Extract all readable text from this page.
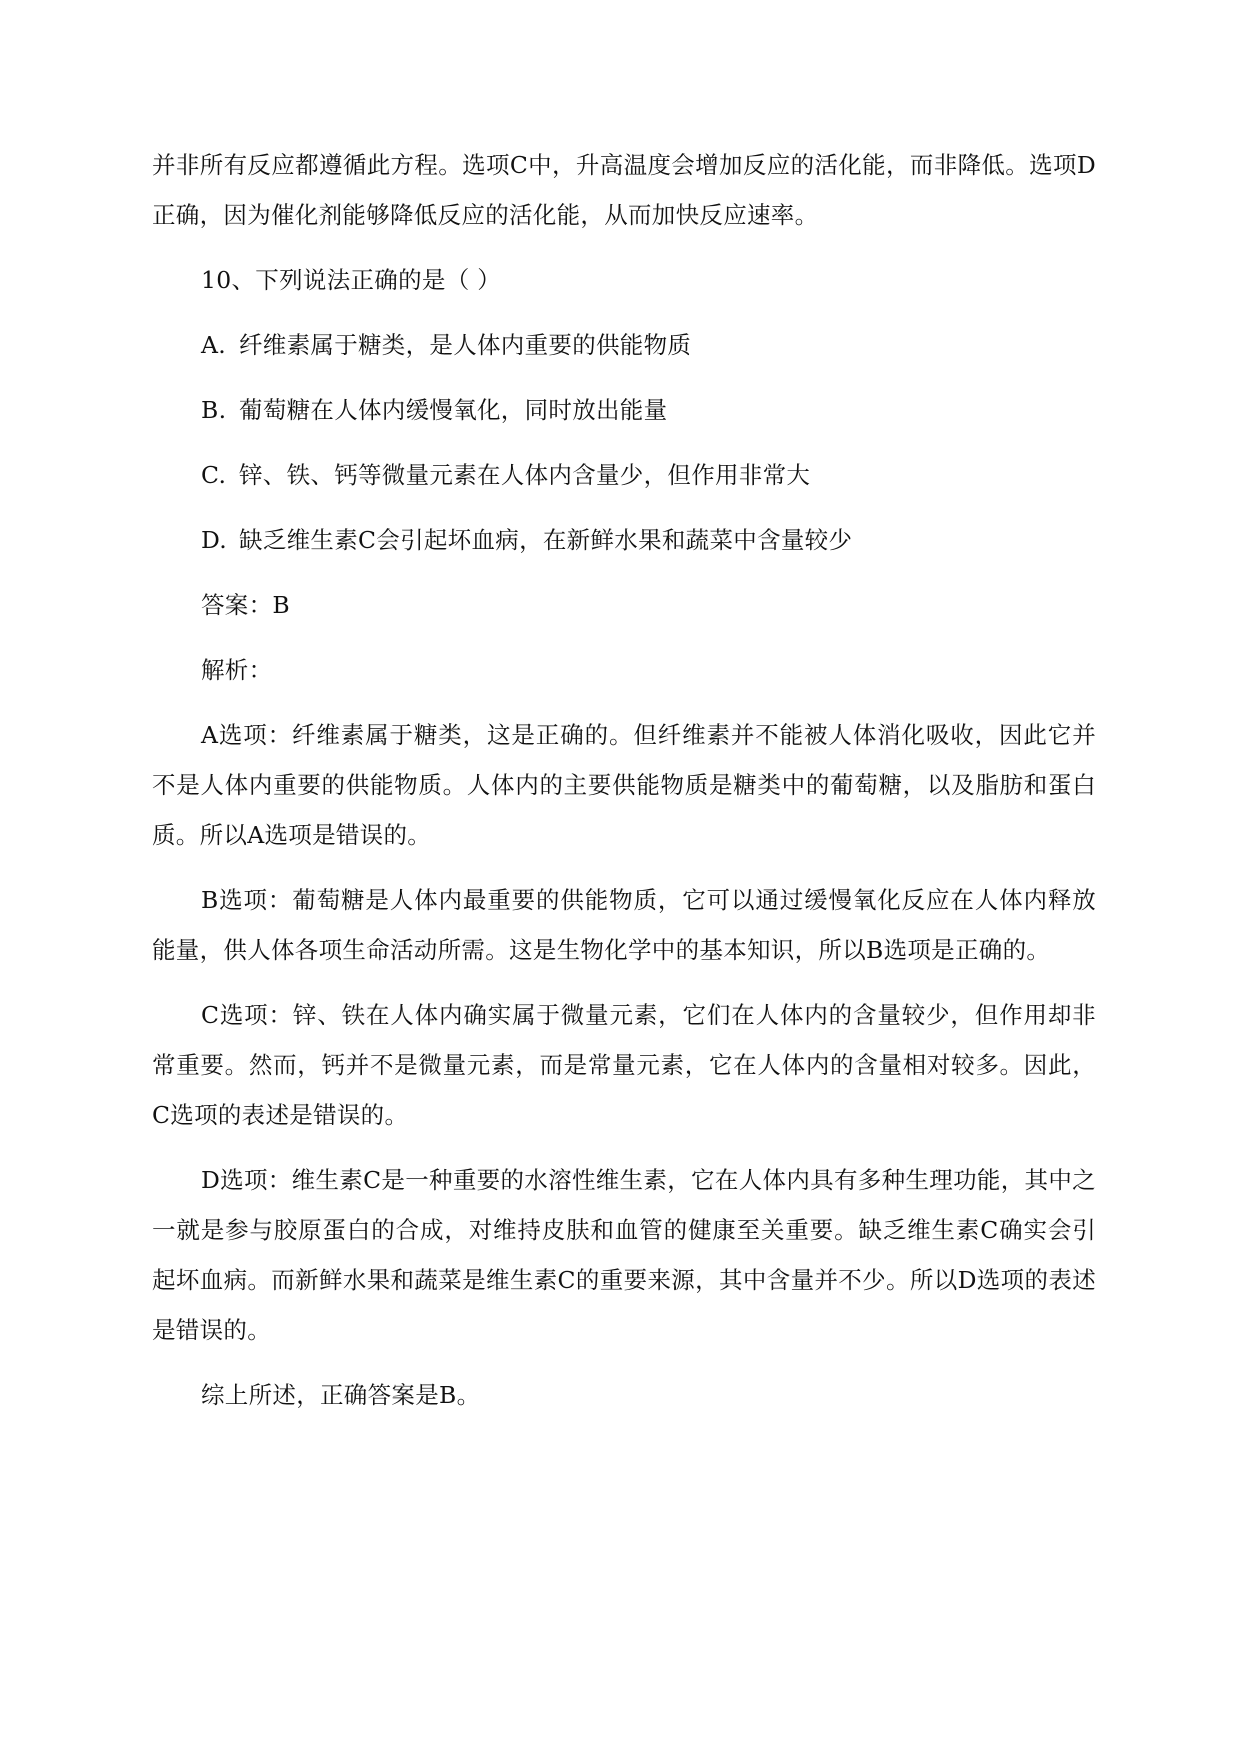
并非所有反应都遵循此方程。选项C中，升高温度会增加反应的活化能，而非降低。选项D正确，因为催化剂能够降低反应的活化能，从而加快反应速率。

10、下列说法正确的是（ ）

A. 纤维素属于糖类，是人体内重要的供能物质

B. 葡萄糖在人体内缓慢氧化，同时放出能量

C. 锌、铁、钙等微量元素在人体内含量少，但作用非常大

D. 缺乏维生素C会引起坏血病，在新鲜水果和蔬菜中含量较少

答案：B

解析：

A选项：纤维素属于糖类，这是正确的。但纤维素并不能被人体消化吸收，因此它并不是人体内重要的供能物质。人体内的主要供能物质是糖类中的葡萄糖，以及脂肪和蛋白质。所以A选项是错误的。

B选项：葡萄糖是人体内最重要的供能物质，它可以通过缓慢氧化反应在人体内释放能量，供人体各项生命活动所需。这是生物化学中的基本知识，所以B选项是正确的。

C选项：锌、铁在人体内确实属于微量元素，它们在人体内的含量较少，但作用却非常重要。然而，钙并不是微量元素，而是常量元素，它在人体内的含量相对较多。因此，C选项的表述是错误的。

D选项：维生素C是一种重要的水溶性维生素，它在人体内具有多种生理功能，其中之一就是参与胶原蛋白的合成，对维持皮肤和血管的健康至关重要。缺乏维生素C确实会引起坏血病。而新鲜水果和蔬菜是维生素C的重要来源，其中含量并不少。所以D选项的表述是错误的。

综上所述，正确答案是B。
